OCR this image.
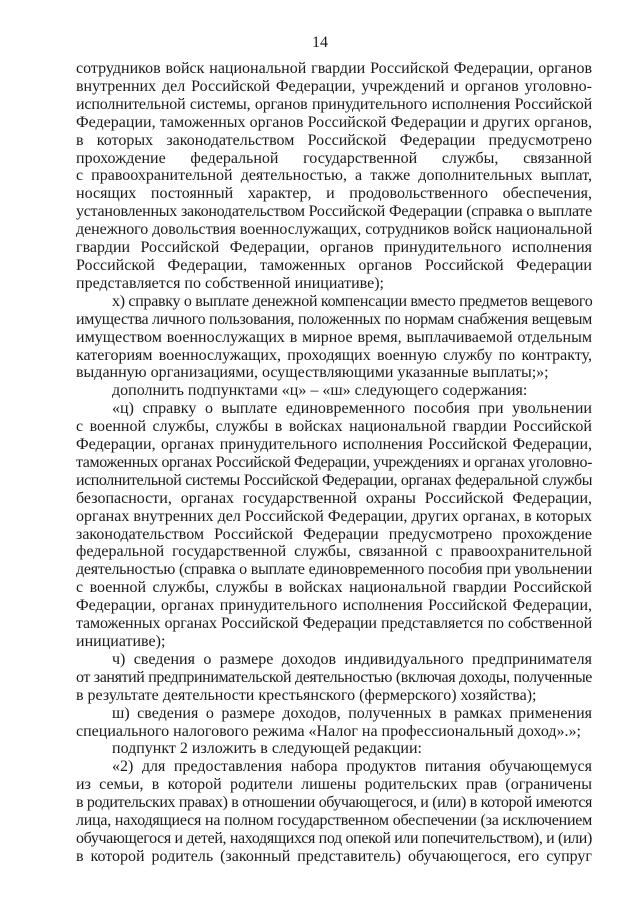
14

сотрудников войск национальной гвардии Российской Федерации, органов
внутренних дел Российской Федерации, учреждений и органов уголовно-
исполнительной системы, органов принудительного исполнения Российской
Федерации, таможенных органов Российской Федерации и других органов,
в которых законодательством Российской Федерации предусмотрено
прохождение федеральной государственной службы, связанной
с правоохранительной деятельностью, а также дополнительных выплат,
носящих постоянный характер, и продовольственного обеспечения,
установленных законодательством Российской Федерации (справка о выплате
денежного довольствия военнослужащих, сотрудников войск национальной
гвардии Российской Федерации, органов принудительного исполнения
Российской Федерации, таможенных органов Российской Федерации
представляется по собственной инициативе);

х) справку о выплате денежной компенсации вместо предметов вещевого
имущества личного пользования, положенных по нормам снабжения вещевым
имуществом военнослужащих в мирное время, выплачиваемой отдельным
категориям военнослужащих, проходящих военную службу по контракту,
выданную организациями, осуществляющими указанные выплаты;»;

дополнить подпунктами «ц» – «ш» следующего содержания:

«ц) справку о выплате единовременного пособия при увольнении
с военной службы, службы в войсках национальной гвардии Российской
Федерации, органах принудительного исполнения Российской Федерации,
таможенных органах Российской Федерации, учреждениях и органах уголовно-
исполнительной системы Российской Федерации, органах федеральной службы
безопасности, органах государственной охраны Российской Федерации,
органах внутренних дел Российской Федерации, других органах, в которых
законодательством Российской Федерации предусмотрено прохождение
федеральной государственной службы, связанной с правоохранительной
деятельностью (справка о выплате единовременного пособия при увольнении
с военной службы, службы в войсках национальной гвардии Российской
Федерации, органах принудительного исполнения Российской Федерации,
таможенных органах Российской Федерации представляется по собственной
инициативе);

ч) сведения о размере доходов индивидуального предпринимателя
от занятий предпринимательской деятельностью (включая доходы, полученные
в результате деятельности крестьянского (фермерского) хозяйства);

ш) сведения о размере доходов, полученных в рамках применения
специального налогового режима «Налог на профессиональный доход».»;

подпункт 2 изложить в следующей редакции:

«2) для предоставления набора продуктов питания обучающемуся
из семьи, в которой родители лишены родительских прав (ограничены
в родительских правах) в отношении обучающегося, и (или) в которой имеются
лица, находящиеся на полном государственном обеспечении (за исключением
обучающегося и детей, находящихся под опекой или попечительством), и (или)
в которой родитель (законный представитель) обучающегося, его супруг
